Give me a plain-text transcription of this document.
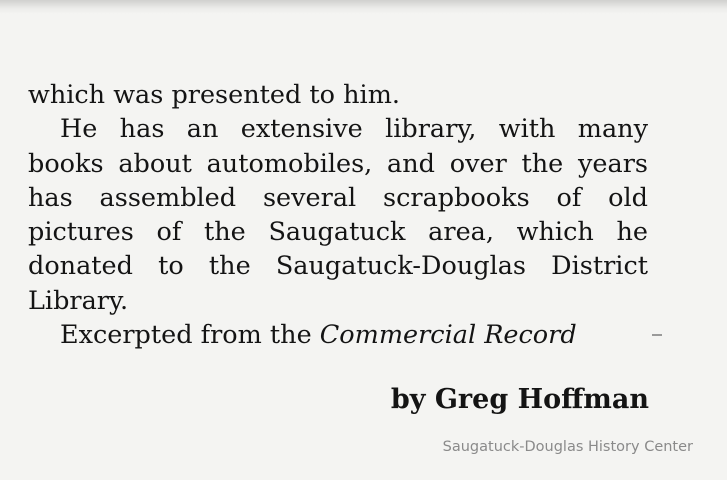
which was presented to him.
He has an extensive library, with many
books about automobiles, and over the years
has assembled several scrapbooks of old
pictures of the Saugatuck area, which he
donated to the Saugatuck-Douglas District
Library.
Excerpted from the Commercial Record
by Greg Hoffman
Saugatuck-Douglas History Center
